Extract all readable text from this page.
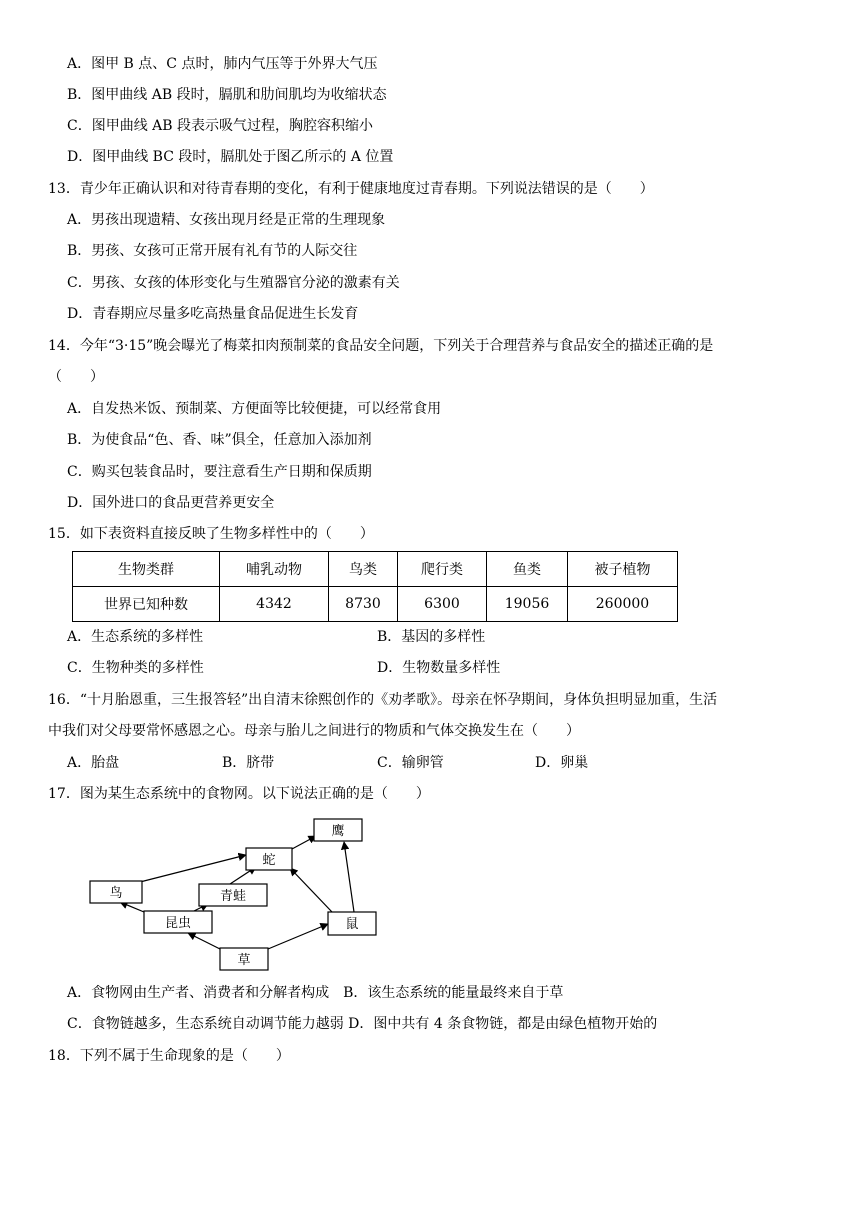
A．图甲 B 点、C 点时，肺内气压等于外界大气压
B．图甲曲线 AB 段时，膈肌和肋间肌均为收缩状态
C．图甲曲线 AB 段表示吸气过程，胸腔容积缩小
D．图甲曲线 BC 段时，膈肌处于图乙所示的 A 位置
13．青少年正确认识和对待青春期的变化，有利于健康地度过青春期。下列说法错误的是（　　）
A．男孩出现遗精、女孩出现月经是正常的生理现象
B．男孩、女孩可正常开展有礼有节的人际交往
C．男孩、女孩的体形变化与生殖器官分泌的激素有关
D．青春期应尽量多吃高热量食品促进生长发育
14．今年“3·15”晚会曝光了梅菜扣肉预制菜的食品安全问题，下列关于合理营养与食品安全的描述正确的是
（　　）
A．自发热米饭、预制菜、方便面等比较便捷，可以经常食用
B．为使食品“色、香、味”俱全，任意加入添加剂
C．购买包装食品时，要注意看生产日期和保质期
D．国外进口的食品更营养更安全
15．如下表资料直接反映了生物多样性中的（　　）
生物类群	哺乳动物	鸟类	爬行类	鱼类	被子植物
世界已知种数	4342	8730	6300	19056	260000
A．生态系统的多样性	B．基因的多样性
C．生物种类的多样性	D．生物数量多样性
16．“十月胎恩重，三生报答轻”出自清末徐熙创作的《劝孝歌》。母亲在怀孕期间，身体负担明显加重，生活
中我们对父母要常怀感恩之心。母亲与胎儿之间进行的物质和气体交换发生在（　　）
A．胎盘	B．脐带	C．输卵管	D．卵巢
17．图为某生态系统中的食物网。以下说法正确的是（　　）
鹰
蛇
鸟	青蛙
昆虫	鼠
草
A．食物网由生产者、消费者和分解者构成　B．该生态系统的能量最终来自于草
C．食物链越多，生态系统自动调节能力越弱 D．图中共有 4 条食物链，都是由绿色植物开始的
18．下列不属于生命现象的是（　　）
